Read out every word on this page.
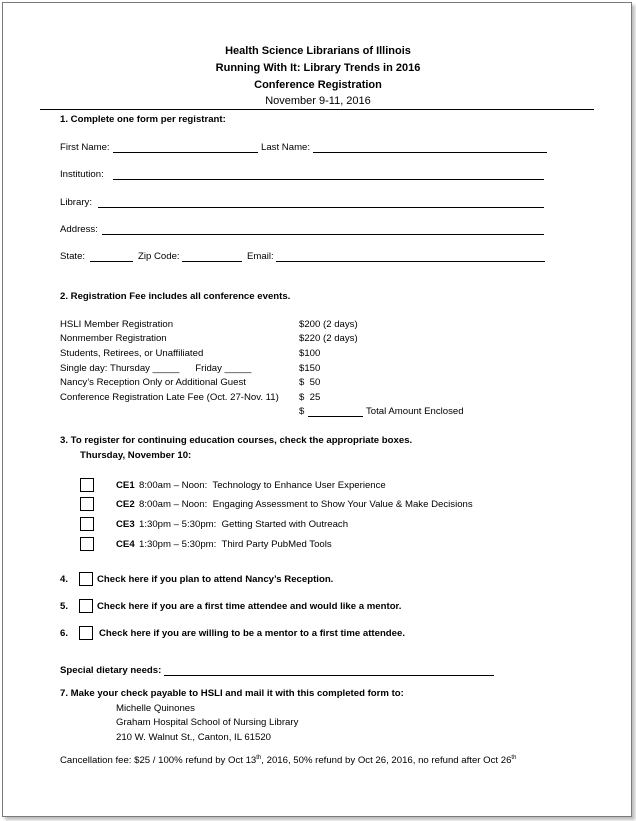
Health Science Librarians of Illinois
Running With It: Library Trends in 2016
Conference Registration
November 9-11, 2016
1. Complete one form per registrant:
First Name:	Last Name:
Institution:
Library:
Address:
State:	Zip Code:	Email:
2. Registration Fee includes all conference events.
HSLI Member Registration	$200 (2 days)
Nonmember Registration	$220 (2 days)
Students, Retirees, or Unaffiliated	$100
Single day: Thursday _____      Friday _____	$150
Nancy’s Reception Only or Additional Guest	$  50
Conference Registration Late Fee (Oct. 27-Nov. 11) $  25
$	Total Amount Enclosed
3. To register for continuing education courses, check the appropriate boxes.
Thursday, November 10:
CE1 8:00am – Noon:  Technology to Enhance User Experience
CE2 8:00am – Noon:  Engaging Assessment to Show Your Value & Make Decisions
CE3 1:30pm – 5:30pm:  Getting Started with Outreach
CE4 1:30pm – 5:30pm:  Third Party PubMed Tools
4.	Check here if you plan to attend Nancy’s Reception.
5.	Check here if you are a first time attendee and would like a mentor.
6.	Check here if you are willing to be a mentor to a first time attendee.
Special dietary needs:
7. Make your check payable to HSLI and mail it with this completed form to:
Michelle Quinones
Graham Hospital School of Nursing Library
210 W. Walnut St., Canton, IL 61520
Cancellation fee: $25 / 100% refund by Oct 13th, 2016, 50% refund by Oct 26, 2016, no refund after Oct 26th
